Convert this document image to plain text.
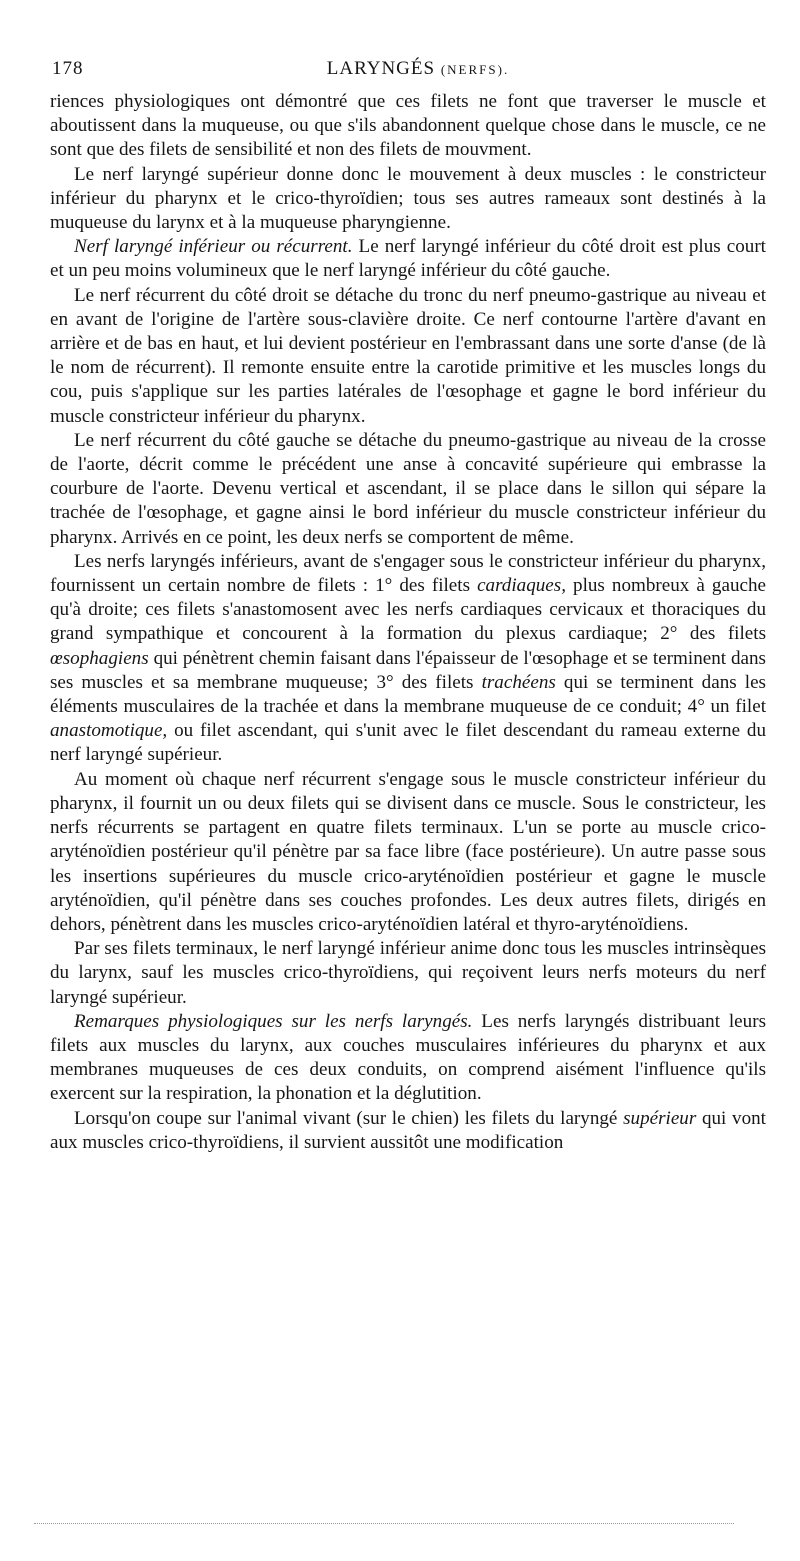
178	LARYNGÉS (NERFS).

riences physiologiques ont démontré que ces filets ne font que traverser le muscle et aboutissent dans la muqueuse, ou que s'ils abandonnent quelque chose dans le muscle, ce ne sont que des filets de sensibilité et non des filets de mouvment.

Le nerf laryngé supérieur donne donc le mouvement à deux muscles : le constricteur inférieur du pharynx et le crico-thyroïdien; tous ses autres rameaux sont destinés à la muqueuse du larynx et à la muqueuse pharyngienne.

Nerf laryngé inférieur ou récurrent. Le nerf laryngé inférieur du côté droit est plus court et un peu moins volumineux que le nerf laryngé inférieur du côté gauche.

Le nerf récurrent du côté droit se détache du tronc du nerf pneumo-gastrique au niveau et en avant de l'origine de l'artère sous-clavière droite. Ce nerf contourne l'artère d'avant en arrière et de bas en haut, et lui devient postérieur en l'embrassant dans une sorte d'anse (de là le nom de récurrent). Il remonte ensuite entre la carotide primitive et les muscles longs du cou, puis s'applique sur les parties latérales de l'œsophage et gagne le bord inférieur du muscle constricteur inférieur du pharynx.

Le nerf récurrent du côté gauche se détache du pneumo-gastrique au niveau de la crosse de l'aorte, décrit comme le précédent une anse à concavité supérieure qui embrasse la courbure de l'aorte. Devenu vertical et ascendant, il se place dans le sillon qui sépare la trachée de l'œsophage, et gagne ainsi le bord inférieur du muscle constricteur inférieur du pharynx. Arrivés en ce point, les deux nerfs se comportent de même.

Les nerfs laryngés inférieurs, avant de s'engager sous le constricteur inférieur du pharynx, fournissent un certain nombre de filets : 1° des filets cardiaques, plus nombreux à gauche qu'à droite; ces filets s'anastomosent avec les nerfs cardiaques cervicaux et thoraciques du grand sympathique et concourent à la formation du plexus cardiaque; 2° des filets œsophagiens qui pénètrent chemin faisant dans l'épaisseur de l'œsophage et se terminent dans ses muscles et sa membrane muqueuse; 3° des filets trachéens qui se terminent dans les éléments musculaires de la trachée et dans la membrane muqueuse de ce conduit; 4° un filet anastomotique, ou filet ascendant, qui s'unit avec le filet descendant du rameau externe du nerf laryngé supérieur.

Au moment où chaque nerf récurrent s'engage sous le muscle constricteur inférieur du pharynx, il fournit un ou deux filets qui se divisent dans ce muscle. Sous le constricteur, les nerfs récurrents se partagent en quatre filets terminaux. L'un se porte au muscle crico-aryténoïdien postérieur qu'il pénètre par sa face libre (face postérieure). Un autre passe sous les insertions supérieures du muscle crico-aryténoïdien postérieur et gagne le muscle aryténoïdien, qu'il pénètre dans ses couches profondes. Les deux autres filets, dirigés en dehors, pénètrent dans les muscles crico-aryténoïdien latéral et thyro-aryténoïdiens.

Par ses filets terminaux, le nerf laryngé inférieur anime donc tous les muscles intrinsèques du larynx, sauf les muscles crico-thyroïdiens, qui reçoivent leurs nerfs moteurs du nerf laryngé supérieur.

Remarques physiologiques sur les nerfs laryngés. Les nerfs laryngés distribuant leurs filets aux muscles du larynx, aux couches musculaires inférieures du pharynx et aux membranes muqueuses de ces deux conduits, on comprend aisément l'influence qu'ils exercent sur la respiration, la phonation et la déglutition.

Lorsqu'on coupe sur l'animal vivant (sur le chien) les filets du laryngé supérieur qui vont aux muscles crico-thyroïdiens, il survient aussitôt une modification
